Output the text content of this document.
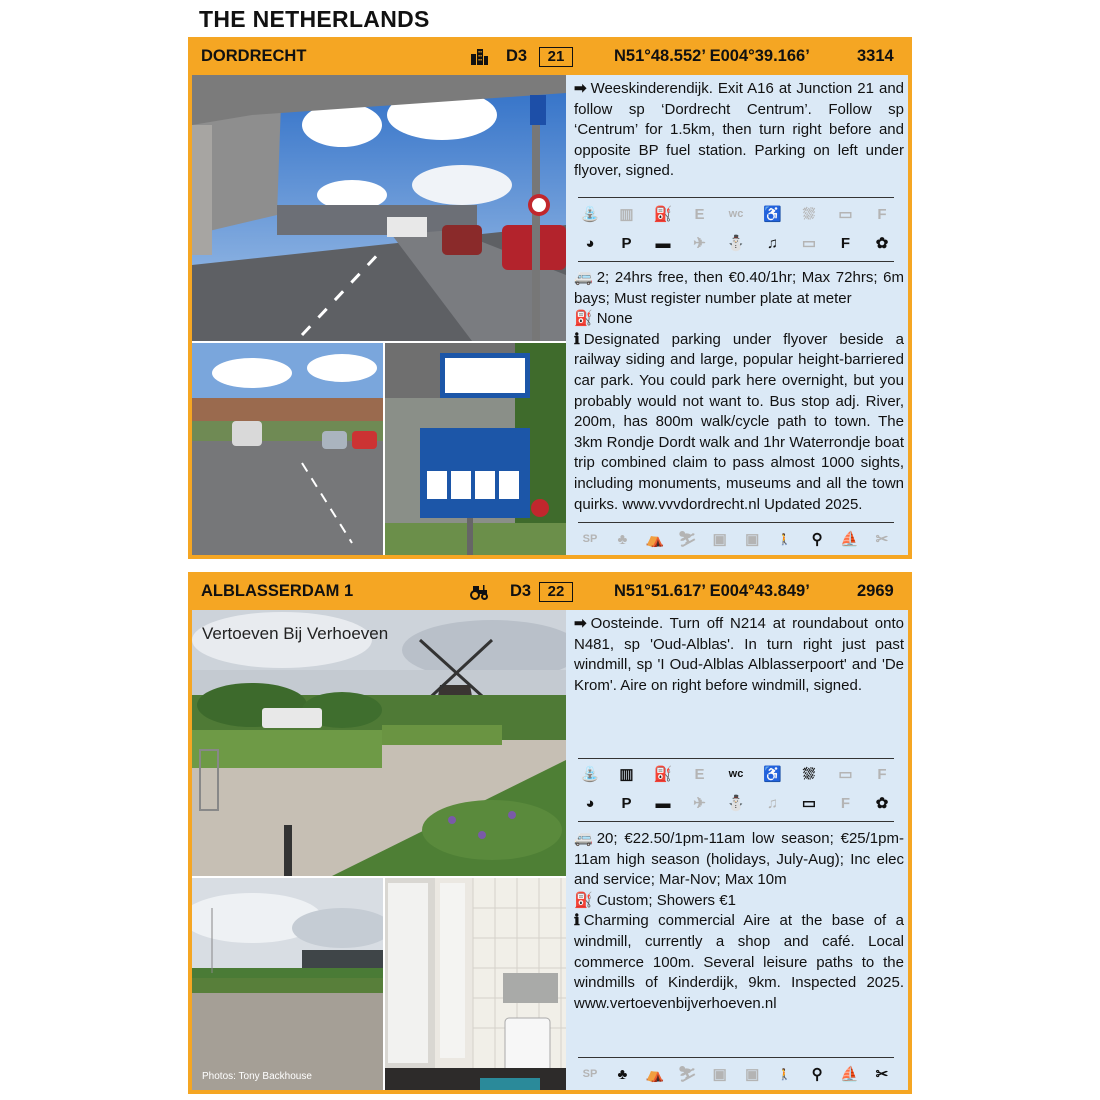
THE NETHERLANDS
DORDRECHT	D3	21	N51°48.552’ E004°39.166’	3314

➡ Weeskinderendijk. Exit A16 at Junction 21 and follow sp ‘Dordrecht Centrum’. Follow sp ‘Centrum’ for 1.5km, then turn right before and opposite BP fuel station. Parking on left under flyover, signed.

⛲	▥	⛽	E	wc	♿	⛆	▭	F
◕	P	▬	✈	⛄	♫	▭	F	✿

🚐 2; 24hrs free, then €0.40/1hr; Max 72hrs; 6m bays; Must register number plate at meter

⛽ None

ℹ Designated parking under flyover beside a railway siding and large, popular height-barriered car park. You could park here overnight, but you probably would not want to. Bus stop adj. River, 200m, has 800m walk/cycle path to town. The 3km Rondje Dordt walk and 1hr Waterrondje boat trip combined claim to pass almost 1000 sights, including monuments, museums and all the town quirks. www.vvvdordrecht.nl Updated 2025.

SP	♣	⛺ ⛷	▣	▣	🚶	⚲	⛵	✂
ALBLASSERDAM 1	D3	22	N51°51.617’ E004°43.849’	2969
Vertoeven Bij Verhoeven
Photos: Tony Backhouse

➡ Oosteinde. Turn off N214 at roundabout onto N481, sp 'Oud-Alblas'. In turn right just past windmill, sp 'I Oud-Alblas Alblasserpoort' and 'De Krom'. Aire on right before windmill, signed.

⛲	▥	⛽	E	wc	♿	⛆	▭	F
◕	P	▬	✈	⛄	♫	▭	F	✿

🚐 20; €22.50/1pm-11am low season; €25/1pm-11am high season (holidays, July-Aug); Inc elec and service; Mar-Nov; Max 10m

⛽ Custom; Showers €1

ℹ Charming commercial Aire at the base of a windmill, currently a shop and café. Local commerce 100m. Several leisure paths to the windmills of Kinderdijk, 9km. Inspected 2025. www.vertoevenbijverhoeven.nl

SP	♣	⛺ ⛷	▣	▣	🚶	⚲	⛵	✂
